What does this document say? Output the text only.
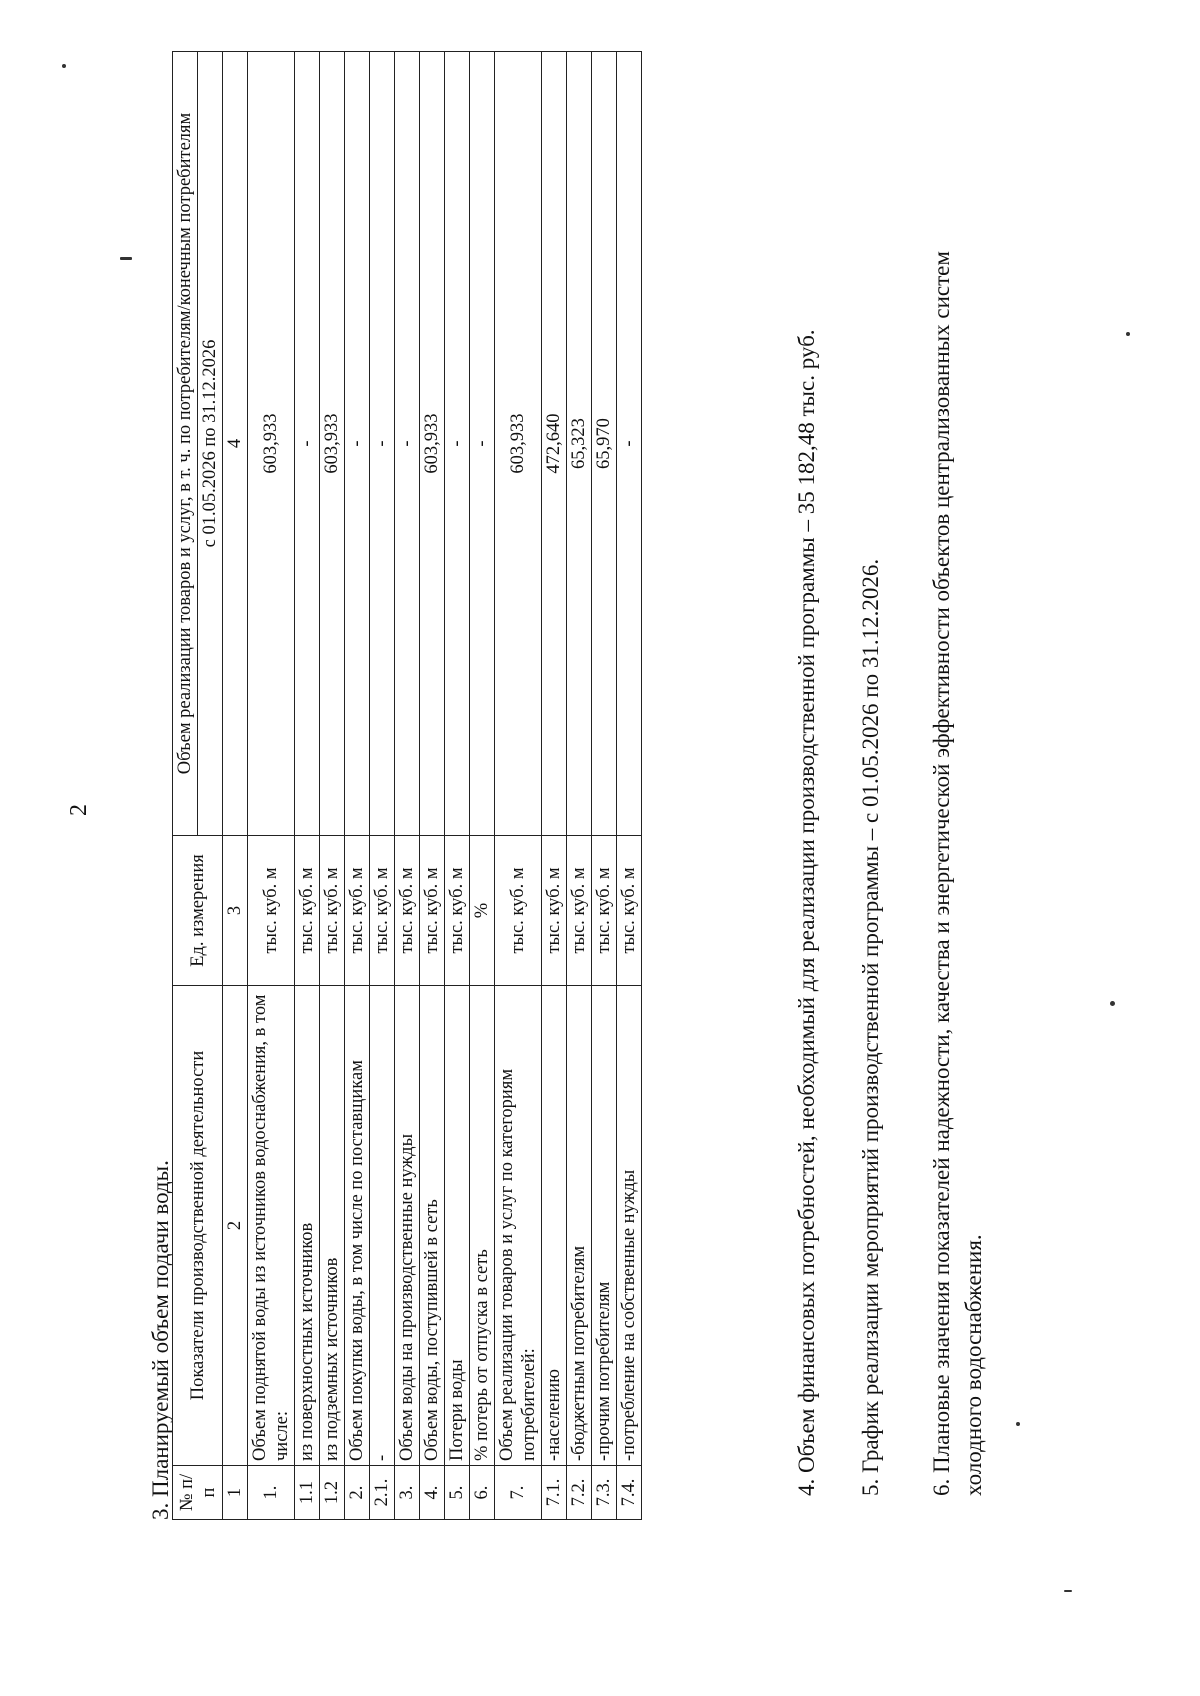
2
3. Планируемый объем подачи воды. № п/п	Показатели производственной деятельности	Ед. измерения	Объем реализации товаров и услуг, в т. ч. по потребителям/конечным потребителям
			с 01.05.2026 по 31.12.2026
1	2	3	4
1.	Объем поднятой воды из источников водоснабжения, в том числе:	тыс. куб. м	603,933
1.1	из поверхностных источников	тыс. куб. м	-
1.2	из подземных источников	тыс. куб. м	603,933
2.	Объем покупки воды, в том числе по поставщикам	тыс. куб. м	-
2.1.	-	тыс. куб. м	-
3.	Объем воды на производственные нужды	тыс. куб. м	-
4.	Объем воды, поступившей в сеть	тыс. куб. м	603,933
5.	Потери воды	тыс. куб. м	-
6.	% потерь от отпуска в сеть	%	-
7.	Объем реализации товаров и услуг по категориям потребителей:	тыс. куб. м	603,933
7.1.	-населению	тыс. куб. м	472,640
7.2.	-бюджетным потребителям	тыс. куб. м	65,323
7.3.	-прочим потребителям	тыс. куб. м	65,970
7.4.	-потребление на собственные нужды	тыс. куб. м	-	4. Объем финансовых потребностей, необходимый для реализации производственной программы – 35 182,48 тыс. руб. 5. График реализации мероприятий производственной программы – с 01.05.2026 по 31.12.2026. 6. Плановые значения показателей надежности, качества и энергетической эффективности объектов централизованных систем холодного водоснабжения.
